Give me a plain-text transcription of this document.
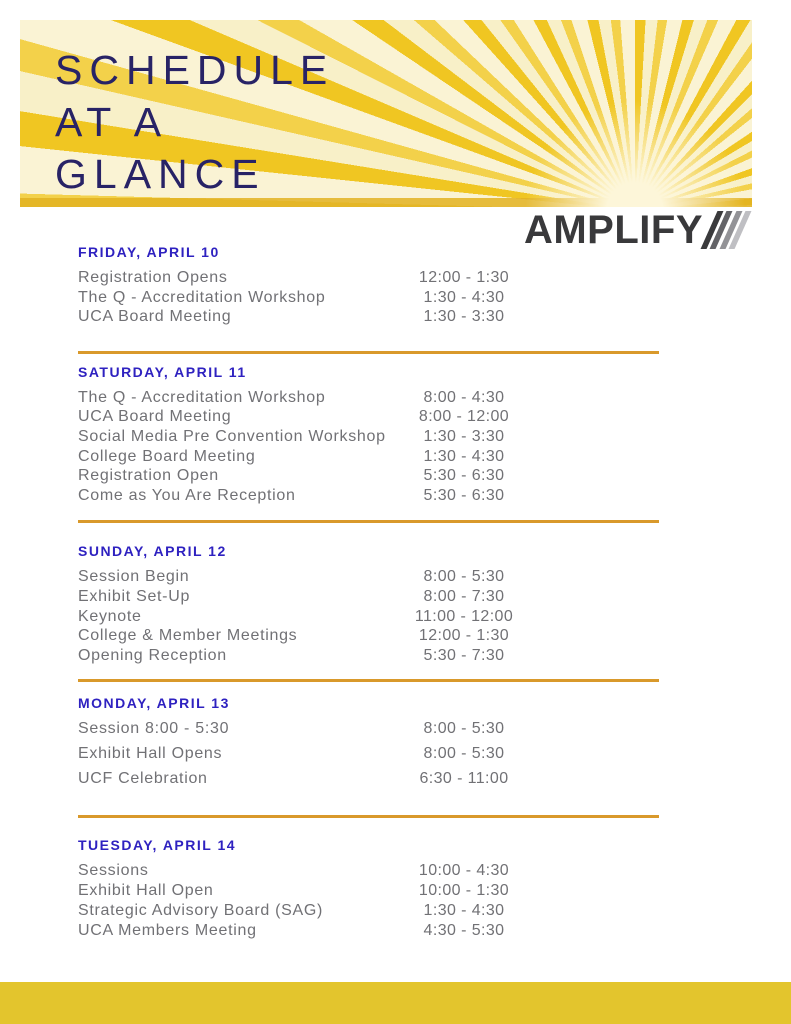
SCHEDULE
AT A
GLANCE
AMPLIFY
FRIDAY, APRIL 10
Registration Opens	12:00 - 1:30
The Q - Accreditation Workshop	1:30 - 4:30
UCA Board Meeting	1:30 - 3:30
SATURDAY, APRIL 11
The Q - Accreditation Workshop	8:00 - 4:30
UCA Board Meeting	8:00 - 12:00
Social Media Pre Convention Workshop	1:30 - 3:30
College Board Meeting	1:30 - 4:30
Registration Open	5:30 - 6:30
Come as You Are Reception	5:30 - 6:30
SUNDAY, APRIL 12
Session Begin	8:00 - 5:30
Exhibit Set-Up	8:00 - 7:30
Keynote	11:00 - 12:00
College & Member Meetings	12:00 - 1:30
Opening Reception	5:30 - 7:30
MONDAY, APRIL 13
Session 8:00 - 5:30	8:00 - 5:30
Exhibit Hall Opens	8:00 - 5:30
UCF Celebration	6:30 - 11:00
TUESDAY, APRIL 14
Sessions	10:00 - 4:30
Exhibit Hall Open	10:00 - 1:30
Strategic Advisory Board (SAG)	1:30 - 4:30
UCA Members Meeting	4:30 - 5:30
